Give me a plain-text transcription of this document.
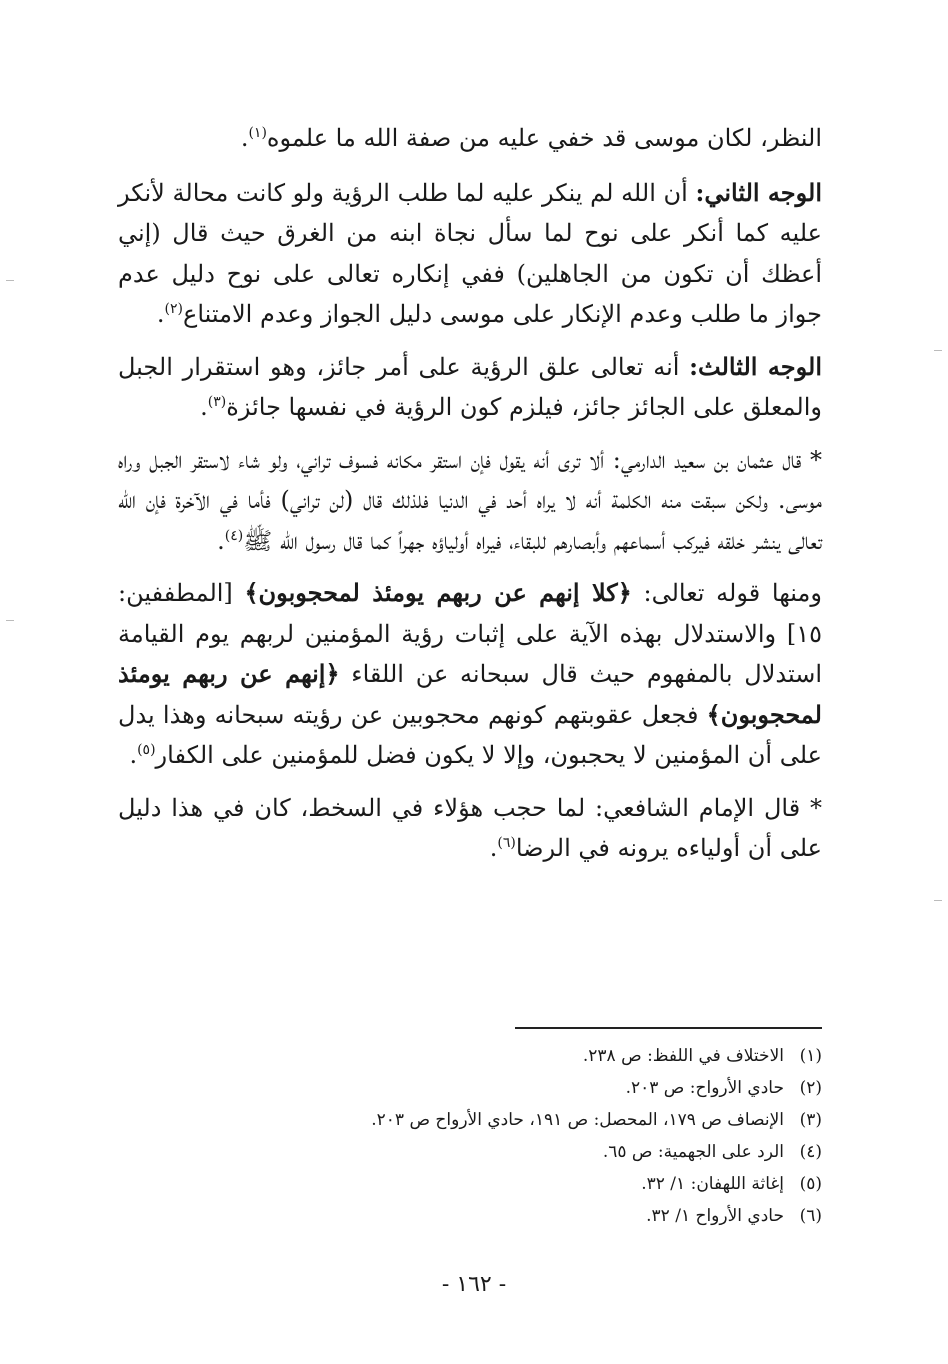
النظر، لكان موسى قد خفي عليه من صفة الله ما علموه$^{(١)}$.

الوجه الثاني: أن الله لم ينكر عليه لما طلب الرؤية ولو كانت محالة لأنكر عليه كما أنكر على نوح لما سأل نجاة ابنه من الغرق حيث قال (إني أعظك أن تكون من الجاهلين) ففي إنكاره تعالى على نوح دليل عدم جواز ما طلب وعدم الإنكار على موسى دليل الجواز وعدم الامتناع$^{(٢)}$.

الوجه الثالث: أنه تعالى علق الرؤية على أمر جائز، وهو استقرار الجبل والمعلق على الجائز جائز، فيلزم كون الرؤية في نفسها جائزة$^{(٣)}$.

* قال عثمان بن سعيد الدارمي: ألا ترى أنه يقول فإن استقر مكانه فسوف تراني، ولو شاء لاستقر الجبل وراه موسى. ولكن سبقت منه الكلمة أنه لا يراه أحد في الدنيا فلذلك قال (لن تراني) فأما في الآخرة فإن الله تعالى ينشر خلقه فيركب أسماعهم وأبصارهم للبقاء، فيراه أولياؤه جهراً كما قال رسول الله ﷺ$^{(٤)}$.

ومنها قوله تعالى: ﴿كلا إنهم عن ربهم يومئذ لمحجوبون﴾ [المطففين: ١٥] والاستدلال بهذه الآية على إثبات رؤية المؤمنين لربهم يوم القيامة استدلال بالمفهوم حيث قال سبحانه عن اللقاء ﴿إنهم عن ربهم يومئذ لمحجوبون﴾ فجعل عقوبتهم كونهم محجوبين عن رؤيته سبحانه وهذا يدل على أن المؤمنين لا يحجبون، وإلا لا يكون فضل للمؤمنين على الكفار$^{(٥)}$.

* قال الإمام الشافعي: لما حجب هؤلاء في السخط، كان في هذا دليل على أن أولياءه يرونه في الرضا$^{(٦)}$.

(١)الاختلاف في اللفظ: ص ٢٣٨.
(٢)حادي الأرواح: ص ٢٠٣.
(٣)الإنصاف ص ١٧٩، المحصل: ص ١٩١، حادي الأرواح ص ٢٠٣.
(٤)الرد على الجهمية: ص ٦٥.
(٥)إغاثة اللهفان: ١/ ٣٢.
(٦)حادي الأرواح ١/ ٣٢.
- ١٦٢ -
